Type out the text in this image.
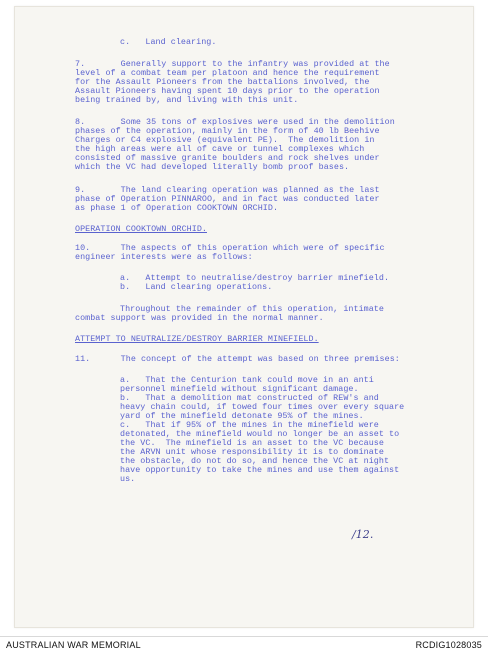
c.   Land clearing.
7.       Generally support to the infantry was provided at the
level of a combat team per platoon and hence the requirement
for the Assault Pioneers from the battalions involved, the
Assault Pioneers having spent 10 days prior to the operation
being trained by, and living with this unit.
8.       Some 35 tons of explosives were used in the demolition
phases of the operation, mainly in the form of 40 lb Beehive
Charges or C4 explosive (equivalent PE).  The demolition in
the high areas were all of cave or tunnel complexes which
consisted of massive granite boulders and rock shelves under
which the VC had developed literally bomb proof bases.
9.       The land clearing operation was planned as the last
phase of Operation PINNAROO, and in fact was conducted later
as phase 1 of Operation COOKTOWN ORCHID.
OPERATION COOKTOWN ORCHID.
10.      The aspects of this operation which were of specific
engineer interests were as follows:
a.   Attempt to neutralise/destroy barrier minefield.
b.   Land clearing operations.
Throughout the remainder of this operation, intimate
combat support was provided in the normal manner.
ATTEMPT TO NEUTRALIZE/DESTROY BARRIER MINEFIELD.
11.      The concept of the attempt was based on three premises:
a.   That the Centurion tank could move in an anti
personnel minefield without significant damage.
b.   That a demolition mat constructed of REW's and
heavy chain could, if towed four times over every square
yard of the minefield detonate 95% of the mines.
c.   That if 95% of the mines in the minefield were
detonated, the minefield would no longer be an asset to
the VC.  The minefield is an asset to the VC because
the ARVN unit whose responsibility it is to dominate
the obstacle, do not do so, and hence the VC at night
have opportunity to take the mines and use them against
us.
/12.
AUSTRALIAN WAR MEMORIAL	RCDIG1028035
